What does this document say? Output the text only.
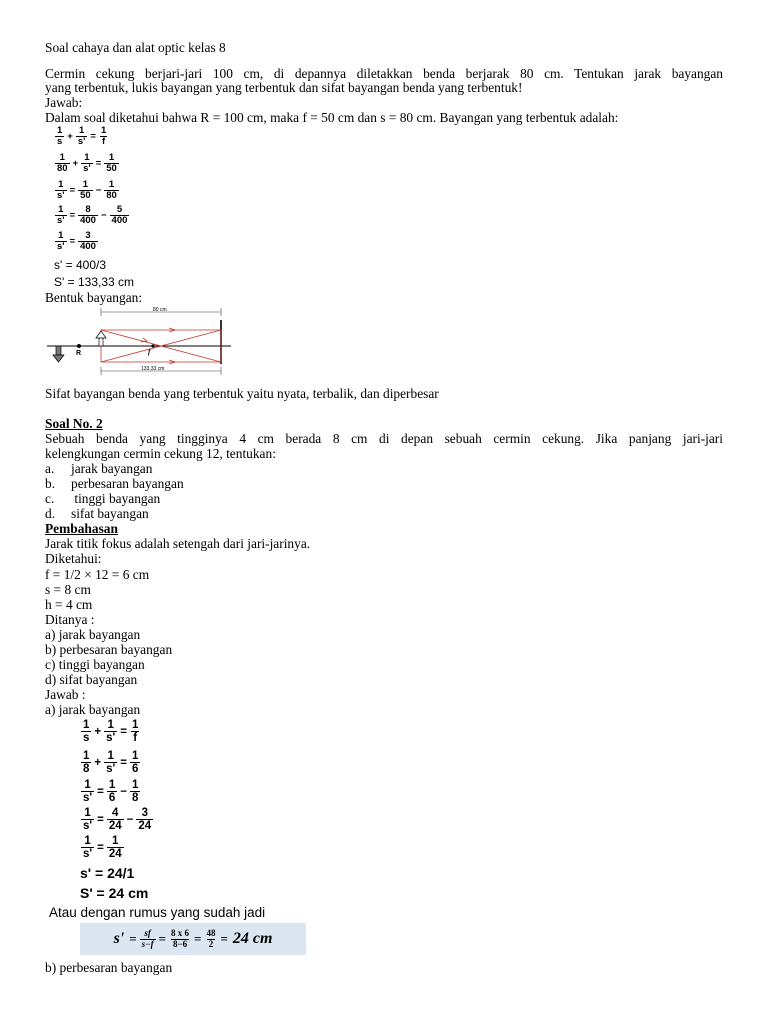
Soal cahaya dan alat optic kelas 8
Cermin cekung berjari-jari 100 cm, di depannya diletakkan benda berjarak 80 cm. Tentukan jarak bayangan
yang terbentuk, lukis bayangan yang terbentuk dan sifat bayangan benda yang terbentuk!
Jawab:
Dalam soal diketahui bahwa R = 100 cm, maka f = 50 cm dan s = 80 cm. Bayangan yang terbentuk adalah:
$\frac{1}{s} + \frac{1}{s'} = \frac{1}{f}$
$\frac{1}{80} + \frac{1}{s'} = \frac{1}{50}$
$\frac{1}{s'} = \frac{1}{50} - \frac{1}{80}$
$\frac{1}{s'} = \frac{8}{400} - \frac{5}{400}$
$\frac{1}{s'} = \frac{3}{400}$
s' = 400/3
S' = 133,33 cm
Bentuk bayangan:
80 cm
R	f
133,33 cm
Sifat bayangan benda yang terbentuk yaitu nyata, terbalik, dan diperbesar
Soal No. 2
Sebuah benda yang tingginya 4 cm berada 8 cm di depan sebuah cermin cekung. Jika panjang jari-jari
kelengkungan cermin cekung 12, tentukan:
a. jarak bayangan
b. perbesaran bayangan
c. tinggi bayangan
d. sifat bayangan
Pembahasan
Jarak titik fokus adalah setengah dari jari-jarinya.
Diketahui:
f = 1/2 × 12 = 6 cm
s = 8 cm
h = 4 cm
Ditanya :
a) jarak bayangan
b) perbesaran bayangan
c) tinggi bayangan
d) sifat bayangan
Jawab :
a) jarak bayangan
$\frac{1}{s} + \frac{1}{s'} = \frac{1}{f}$
$\frac{1}{8} + \frac{1}{s'} = \frac{1}{6}$
$\frac{1}{s'} = \frac{1}{6} - \frac{1}{8}$
$\frac{1}{s'} = \frac{4}{24} - \frac{3}{24}$
$\frac{1}{s'} = \frac{1}{24}$
s' = 24/1
S' = 24 cm
Atau dengan rumus yang sudah jadi
$s' = \frac{sf}{s-f} = \frac{8 x 6}{8-6} = \frac{48}{2} = 24$ cm
b) perbesaran bayangan
